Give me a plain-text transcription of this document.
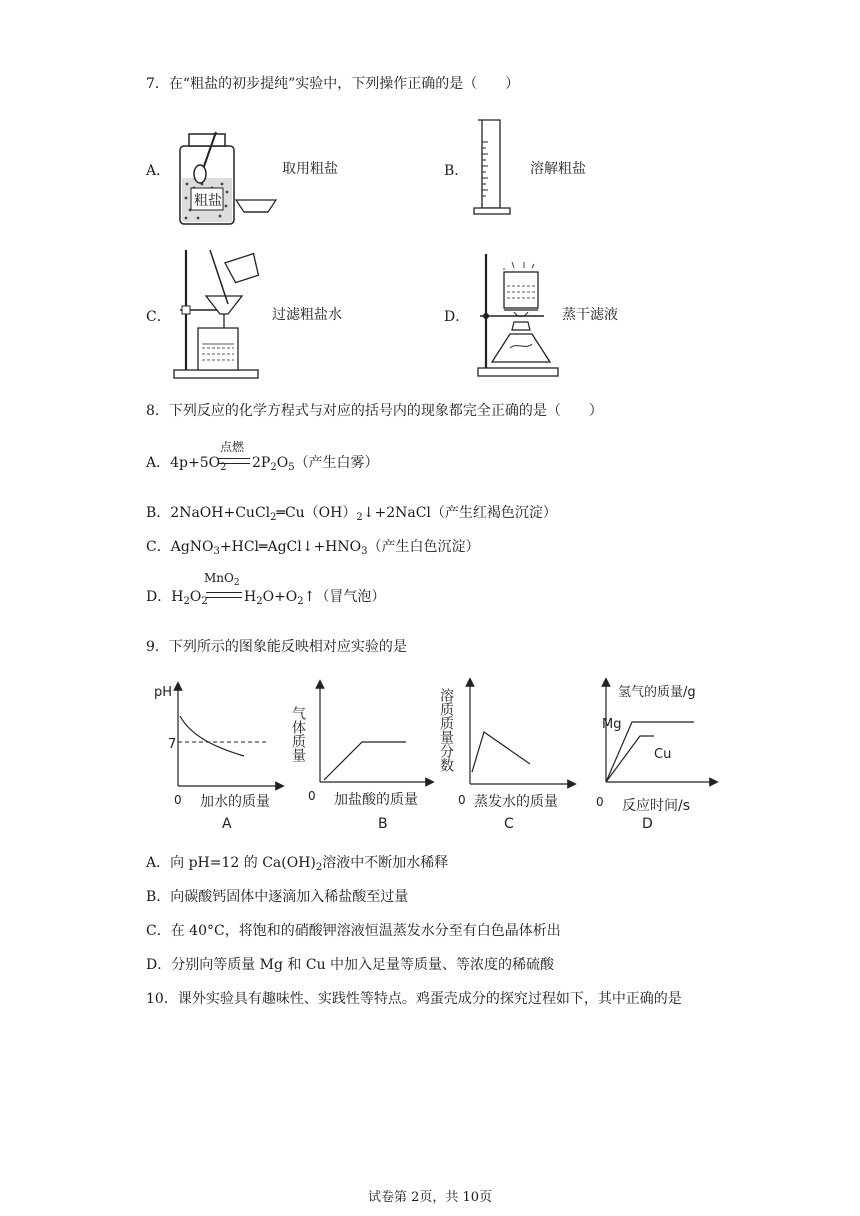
7．在“粗盐的初步提纯”实验中，下列操作正确的是（　　）
A．
粗盐
取用粗盐	B．	溶解粗盐
C．	过滤粗盐水	D．	蒸干滤液
8．下列反应的化学方程式与对应的括号内的现象都完全正确的是（　　）
A．$4p+5O_2$
点燃
$2P_2O_5$（产生白雾）
B．$2NaOH+CuCl_2═Cu(OH)_2↓+2NaCl$（产生红褐色沉淀）
C．$AgNO_3+HCl═AgCl↓+HNO_3$（产生白色沉淀）
D．$H_2O_2$
MnO$_2$
$H_2O+O_2↑$（冒气泡）
9．下列所示的图象能反映相对应实验的是
pH
7
0 加水的质量
A
气体质量
0 加盐酸的质量
B
溶质质量分数
0 蒸发水的质量
C
氢气的质量/g
Mg
Cu
0 反应时间/s
D
A．向 pH=12 的 $Ca(OH)_2$溶液中不断加水稀释
B．向碳酸钙固体中逐滴加入稀盐酸至过量
C．在 40°C，将饱和的硝酸钾溶液恒温蒸发水分至有白色晶体析出
D．分别向等质量 Mg 和 Cu 中加入足量等质量、等浓度的稀硫酸
10．课外实验具有趣味性、实践性等特点。鸡蛋壳成分的探究过程如下，其中正确的是
试卷第 2页，共 10页
